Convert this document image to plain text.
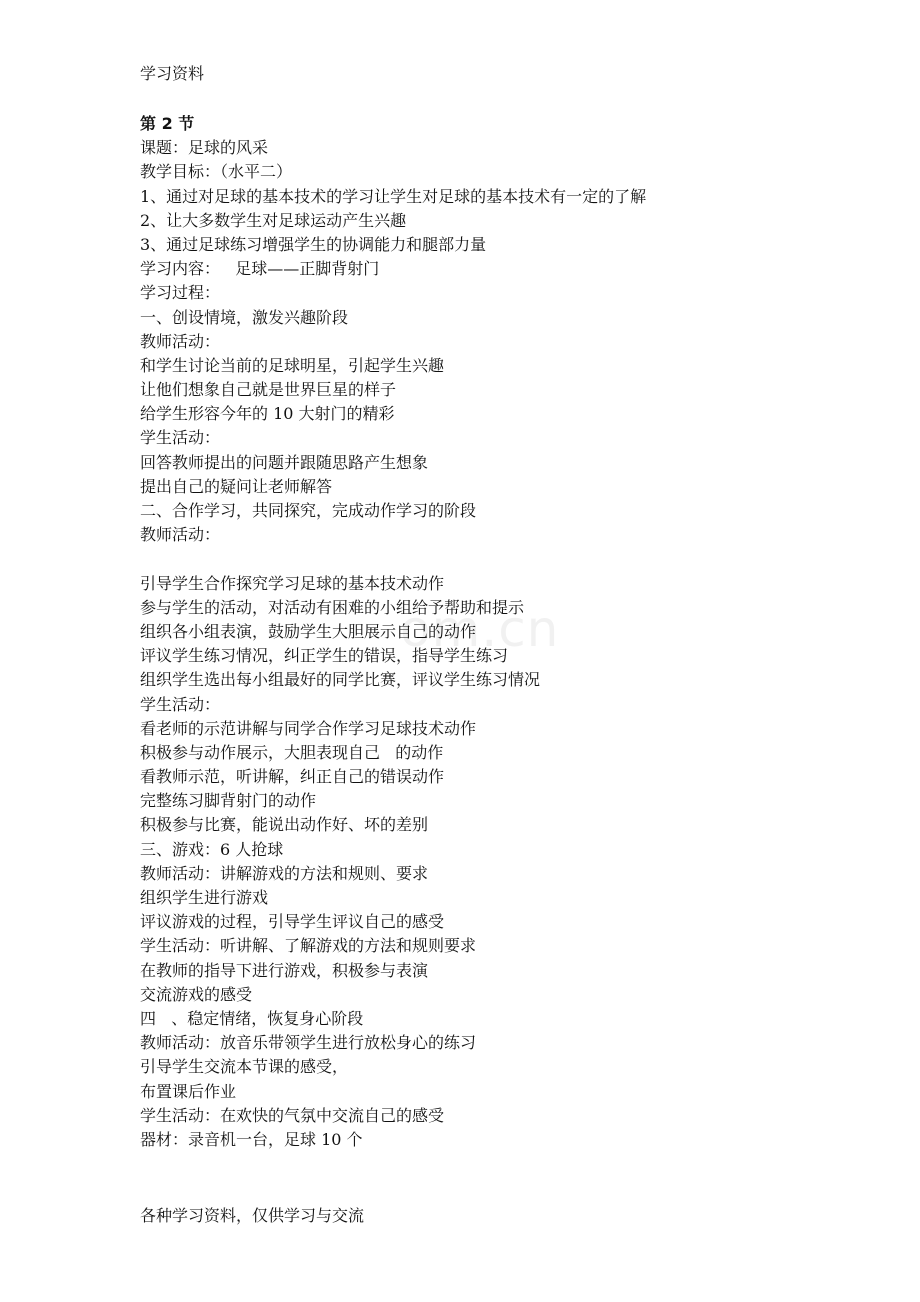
学习资料
om.cn
第 2 节
课题：足球的风采
教学目标：（水平二）
1、通过对足球的基本技术的学习让学生对足球的基本技术有一定的了解
2、让大多数学生对足球运动产生兴趣
3、通过足球练习增强学生的协调能力和腿部力量
学习内容：   足球——正脚背射门
学习过程：
一、创设情境，激发兴趣阶段
教师活动：
和学生讨论当前的足球明星，引起学生兴趣
让他们想象自己就是世界巨星的样子
给学生形容今年的 10 大射门的精彩
学生活动：
回答教师提出的问题并跟随思路产生想象
提出自己的疑问让老师解答
二、合作学习，共同探究，完成动作学习的阶段
教师活动：
引导学生合作探究学习足球的基本技术动作
参与学生的活动，对活动有困难的小组给予帮助和提示
组织各小组表演，鼓励学生大胆展示自己的动作
评议学生练习情况，纠正学生的错误，指导学生练习
组织学生选出每小组最好的同学比赛，评议学生练习情况
学生活动：
看老师的示范讲解与同学合作学习足球技术动作
积极参与动作展示，大胆表现自己   的动作
看教师示范，听讲解，纠正自己的错误动作
完整练习脚背射门的动作
积极参与比赛，能说出动作好、坏的差别
三、游戏：6 人抢球
教师活动：讲解游戏的方法和规则、要求
组织学生进行游戏
评议游戏的过程，引导学生评议自己的感受
学生活动：听讲解、了解游戏的方法和规则要求
在教师的指导下进行游戏，积极参与表演
交流游戏的感受
四   、稳定情绪，恢复身心阶段
教师活动：放音乐带领学生进行放松身心的练习
引导学生交流本节课的感受，
布置课后作业
学生活动：在欢快的气氛中交流自己的感受
器材：录音机一台，足球 10 个
各种学习资料，仅供学习与交流
